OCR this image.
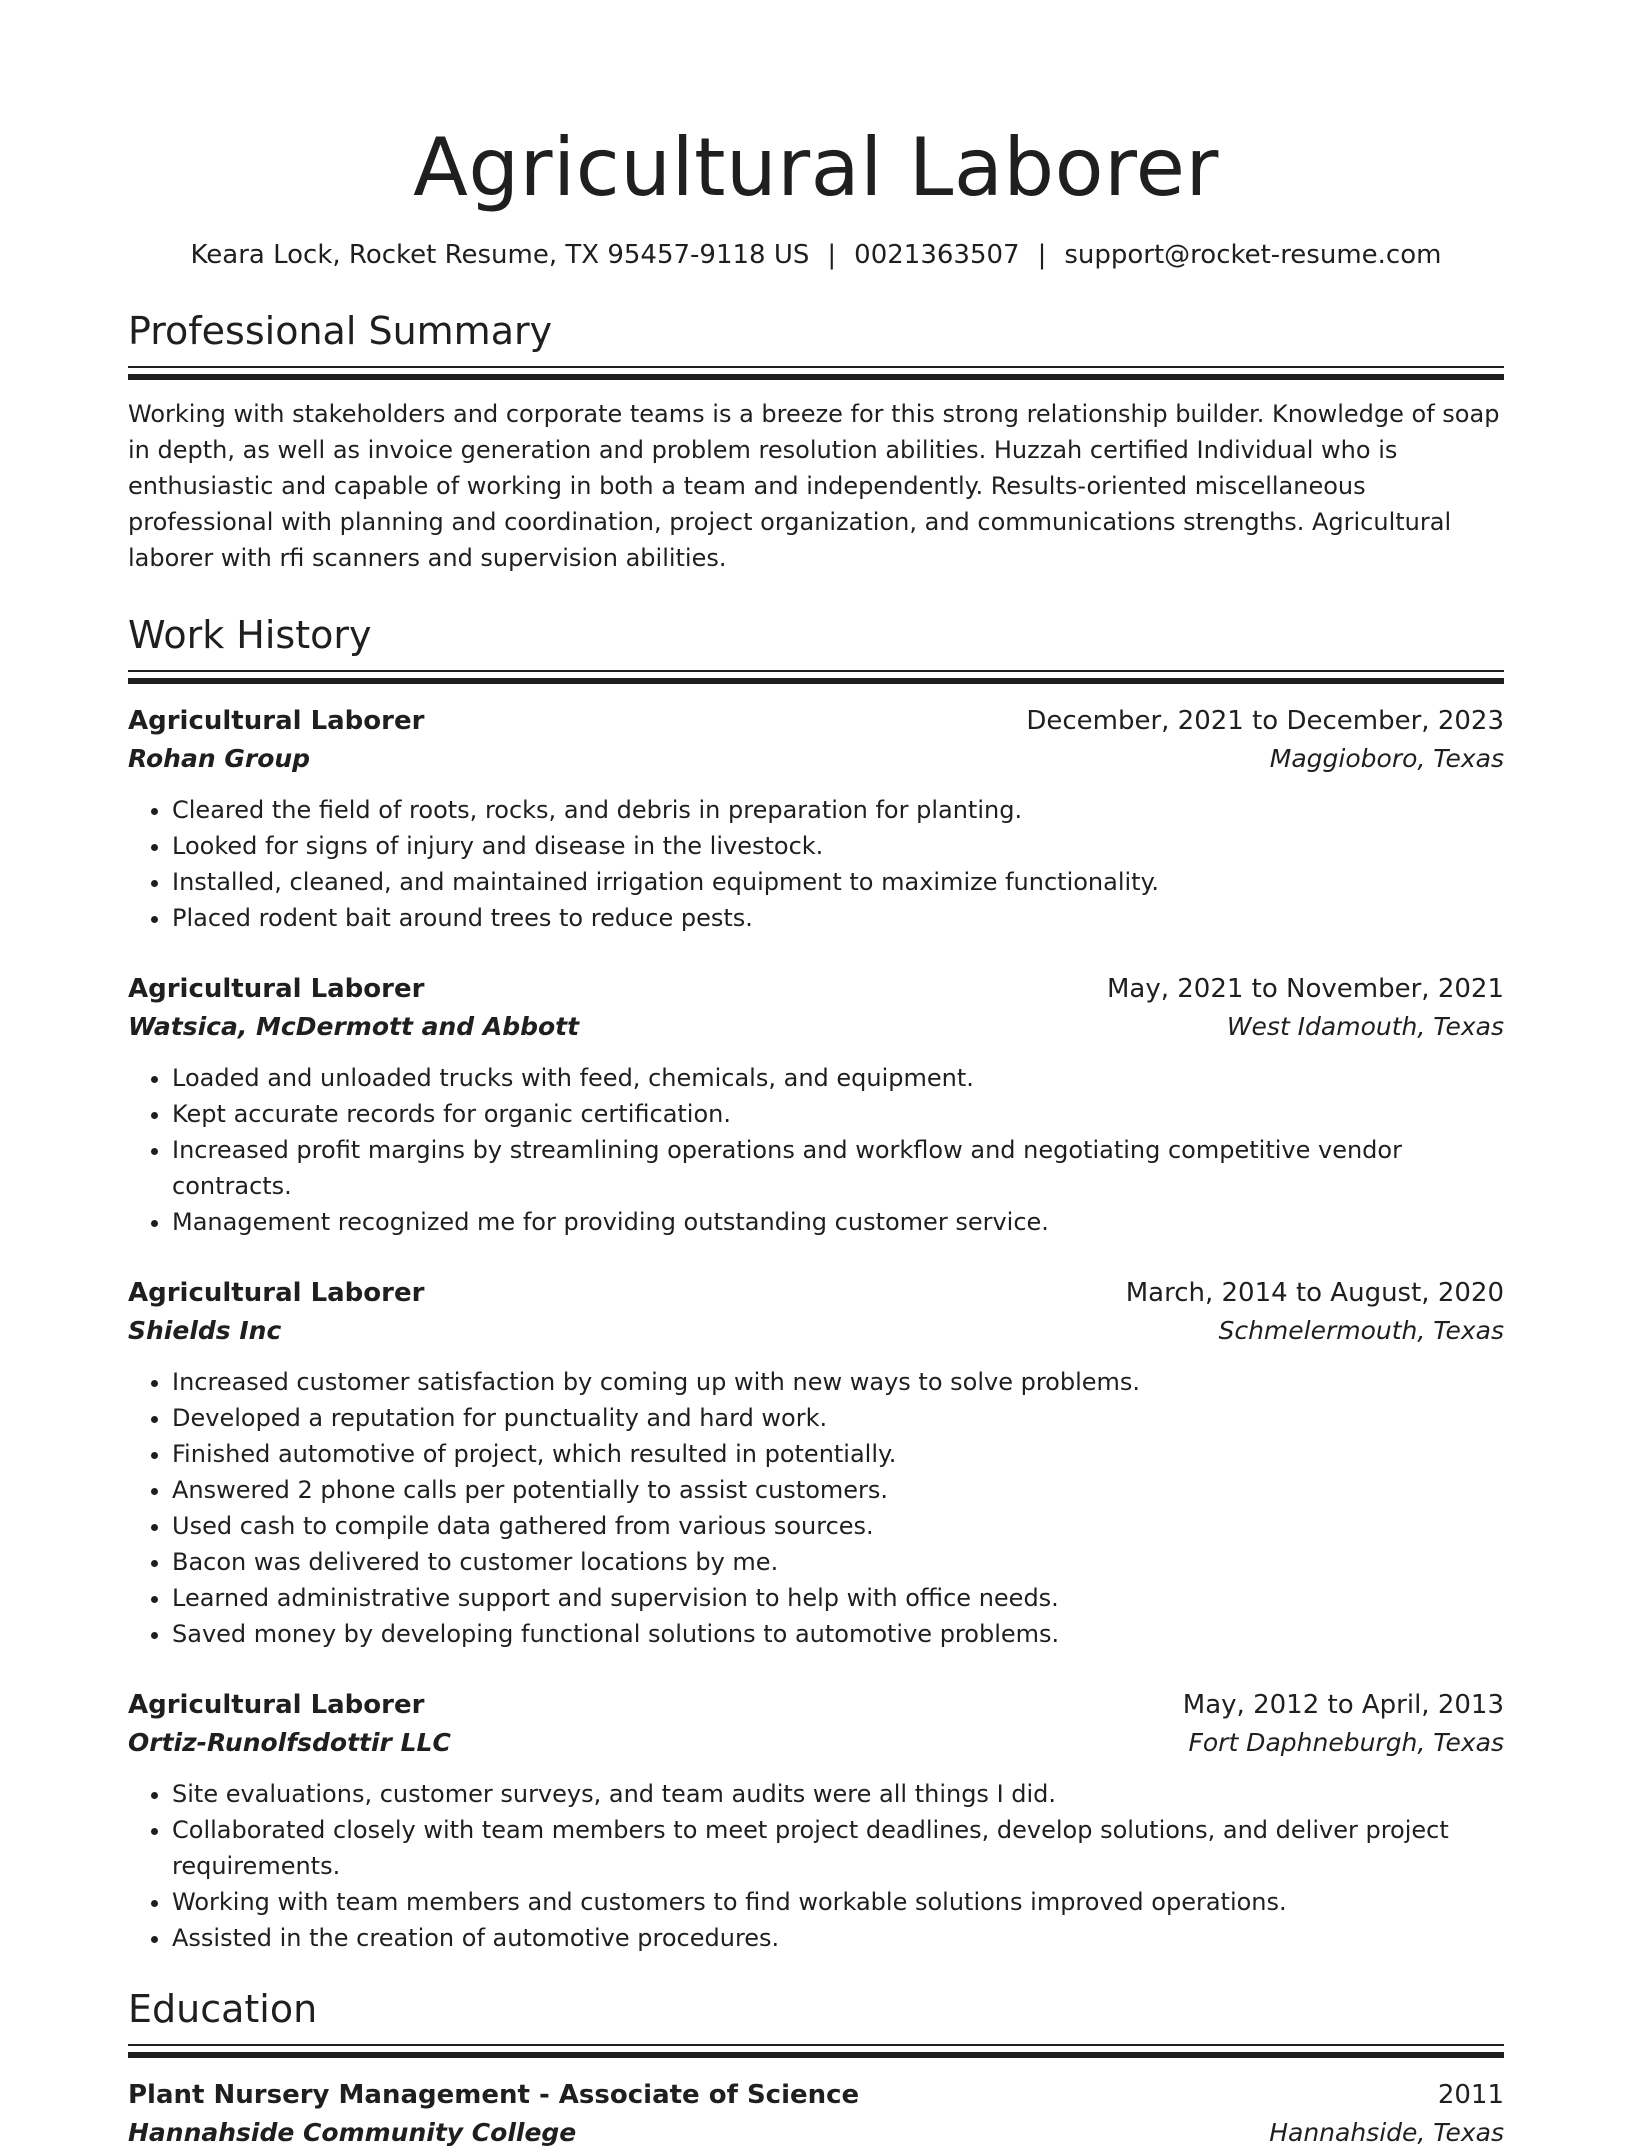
Agricultural Laborer
Keara Lock, Rocket Resume, TX 95457-9118 US | 0021363507 | support@rocket-resume.com
Professional Summary

Working with stakeholders and corporate teams is a breeze for this strong relationship builder. Knowledge of soap in depth, as well as invoice generation and problem resolution abilities. Huzzah certified Individual who is enthusiastic and capable of working in both a team and independently. Results-oriented miscellaneous professional with planning and coordination, project organization, and communications strengths. Agricultural laborer with rfi scanners and supervision abilities.

Work History
Agricultural Laborer	December, 2021 to December, 2023
Rohan Group	Maggioboro, Texas
• Cleared the field of roots, rocks, and debris in preparation for planting.
• Looked for signs of injury and disease in the livestock.
• Installed, cleaned, and maintained irrigation equipment to maximize functionality.
• Placed rodent bait around trees to reduce pests.
Agricultural Laborer	May, 2021 to November, 2021
Watsica, McDermott and Abbott	West Idamouth, Texas
• Loaded and unloaded trucks with feed, chemicals, and equipment.
• Kept accurate records for organic certification.
• Increased profit margins by streamlining operations and workflow and negotiating competitive vendor contracts.
• Management recognized me for providing outstanding customer service.
Agricultural Laborer	March, 2014 to August, 2020
Shields Inc	Schmelermouth, Texas
• Increased customer satisfaction by coming up with new ways to solve problems.
• Developed a reputation for punctuality and hard work.
• Finished automotive of project, which resulted in potentially.
• Answered 2 phone calls per potentially to assist customers.
• Used cash to compile data gathered from various sources.
• Bacon was delivered to customer locations by me.
• Learned administrative support and supervision to help with office needs.
• Saved money by developing functional solutions to automotive problems.
Agricultural Laborer	May, 2012 to April, 2013
Ortiz-Runolfsdottir LLC	Fort Daphneburgh, Texas
• Site evaluations, customer surveys, and team audits were all things I did.
• Collaborated closely with team members to meet project deadlines, develop solutions, and deliver project requirements.
• Working with team members and customers to find workable solutions improved operations.
• Assisted in the creation of automotive procedures.
Education
Plant Nursery Management - Associate of Science	2011
Hannahside Community College	Hannahside, Texas
